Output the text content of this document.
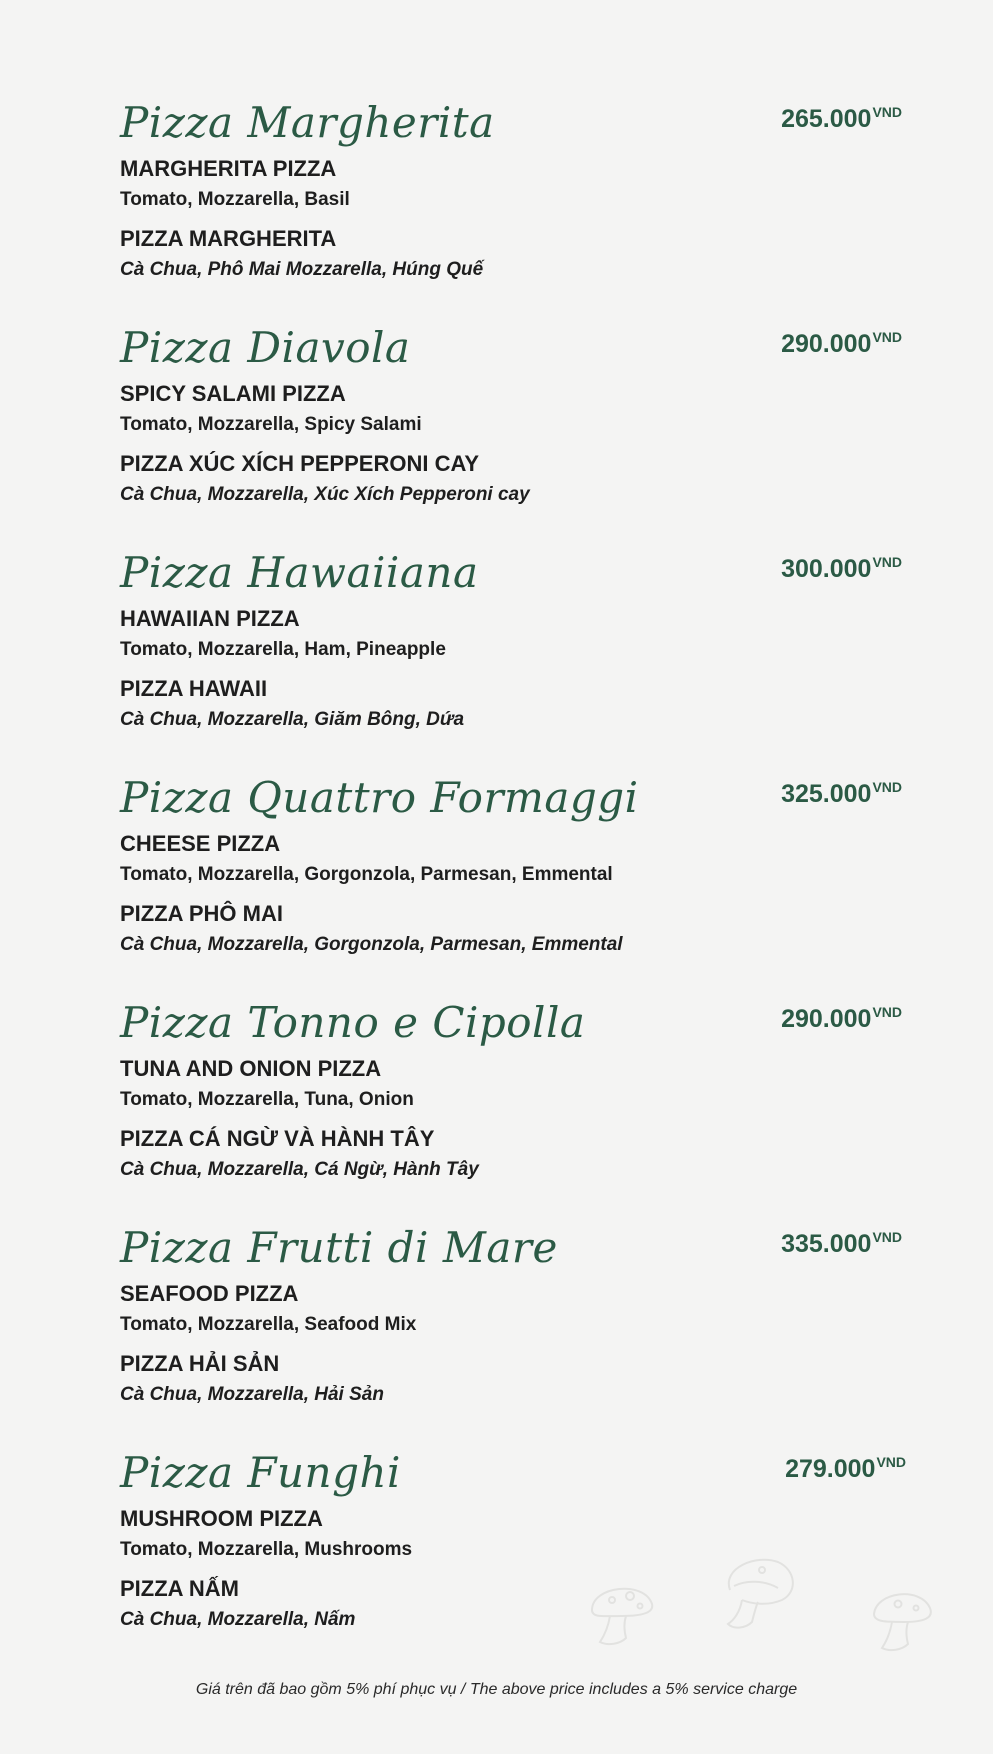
Pizza Margherita	$265.000^{VND}$
MARGHERITA PIZZA
Tomato, Mozzarella, Basil
PIZZA MARGHERITA
Cà Chua, Phô Mai Mozzarella, Húng Quế
Pizza Diavola	$290.000^{VND}$
SPICY SALAMI PIZZA
Tomato, Mozzarella, Spicy Salami
PIZZA XÚC XÍCH PEPPERONI CAY
Cà Chua, Mozzarella, Xúc Xích Pepperoni cay
Pizza Hawaiiana	$300.000^{VND}$
HAWAIIAN PIZZA
Tomato, Mozzarella, Ham, Pineapple
PIZZA HAWAII
Cà Chua, Mozzarella, Giăm Bông, Dứa
Pizza Quattro Formaggi	$325.000^{VND}$
CHEESE PIZZA
Tomato, Mozzarella, Gorgonzola, Parmesan, Emmental
PIZZA PHÔ MAI
Cà Chua, Mozzarella, Gorgonzola, Parmesan, Emmental
Pizza Tonno e Cipolla	$290.000^{VND}$
TUNA AND ONION PIZZA
Tomato, Mozzarella, Tuna, Onion
PIZZA CÁ NGỪ VÀ HÀNH TÂY
Cà Chua, Mozzarella, Cá Ngừ, Hành Tây
Pizza Frutti di Mare	$335.000^{VND}$
SEAFOOD PIZZA
Tomato, Mozzarella, Seafood Mix
PIZZA HẢI SẢN
Cà Chua, Mozzarella, Hải Sản
Pizza Funghi	$279.000^{VND}$
MUSHROOM PIZZA
Tomato, Mozzarella, Mushrooms
PIZZA NẤM
Cà Chua, Mozzarella, Nấm
Giá trên đã bao gồm 5% phí phục vụ / The above price includes a 5% service charge
